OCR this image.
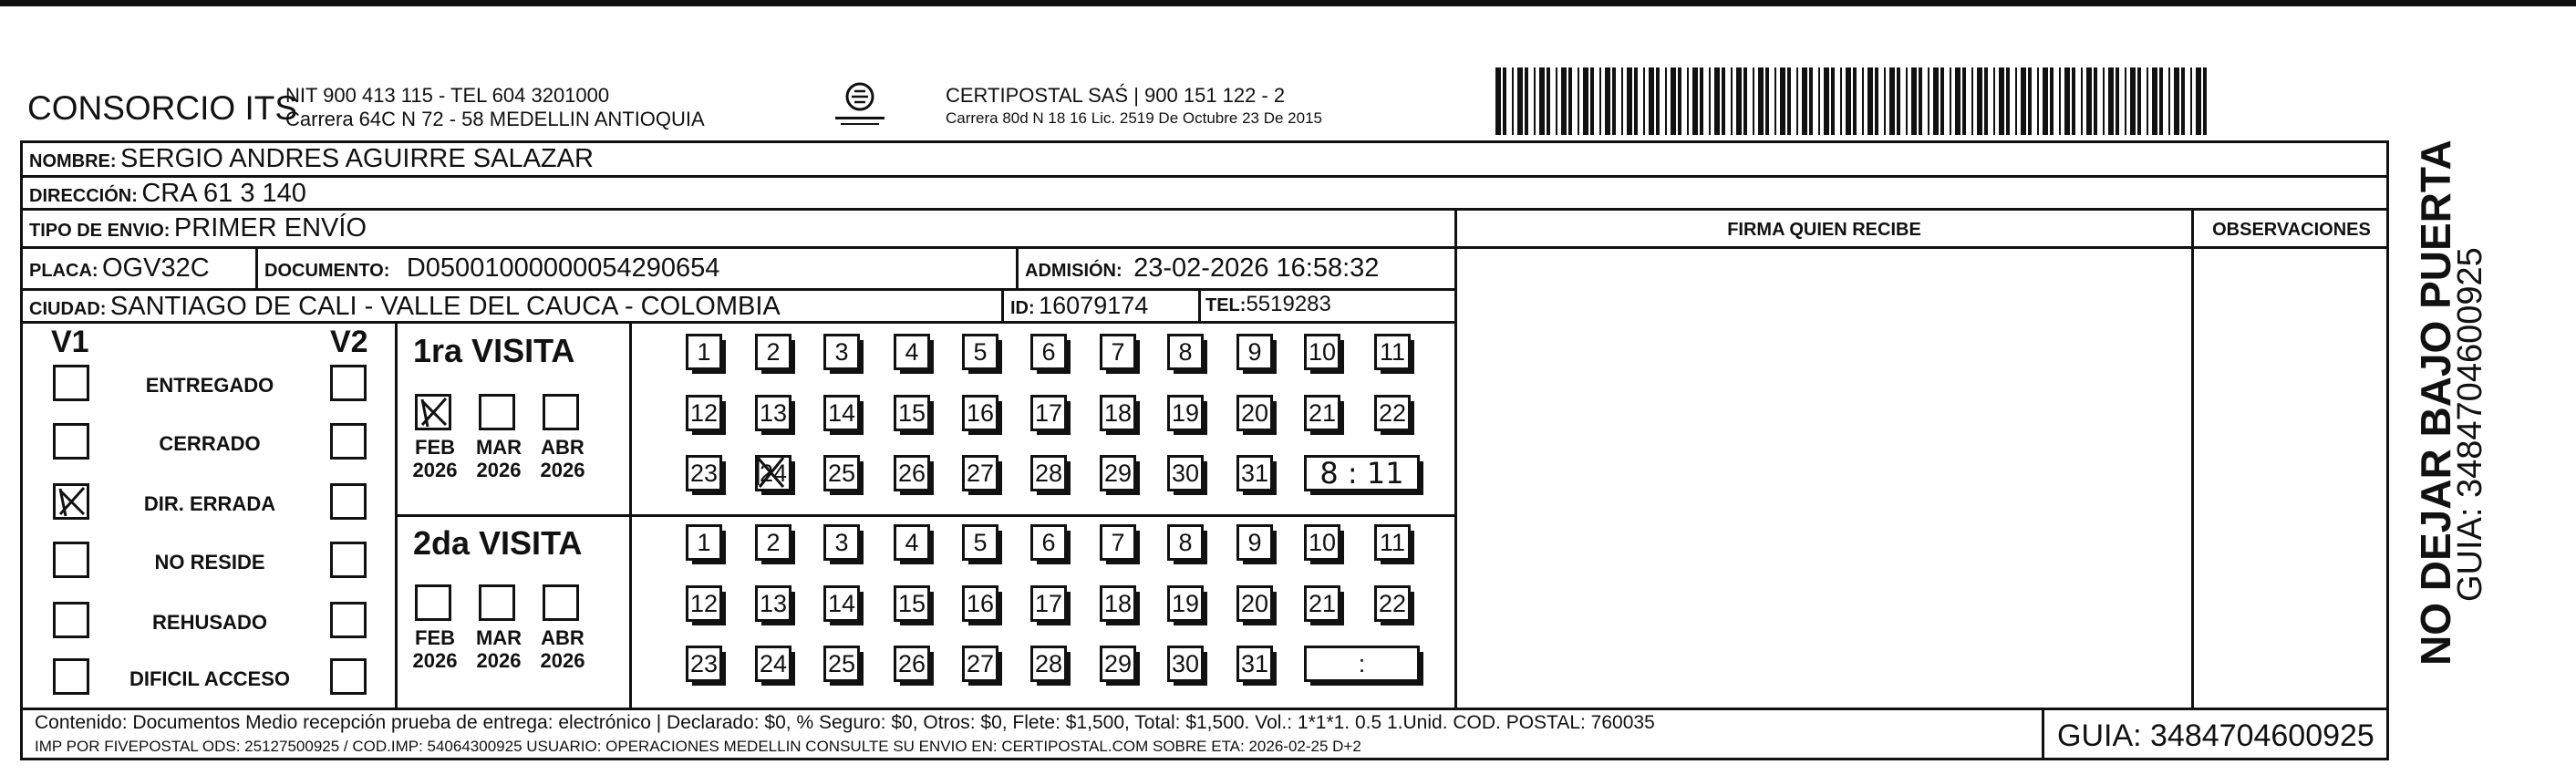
CONSORCIO ITS
NIT 900 413 115 - TEL 604 3201000
Carrera 64C N 72 - 58 MEDELLIN ANTIOQUIA
CERTIPOSTAL SAŚ | 900 151 122 - 2
Carrera 80d N 18 16 Lic. 2519 De Octubre 23 De 2015
NOMBRE: SERGIO ANDRES AGUIRRE SALAZAR
DIRECCIÓN: CRA 61 3 140
TIPO DE ENVIO: PRIMER ENVÍO	FIRMA QUIEN RECIBE	OBSERVACIONES
PLACA: OGV32C	DOCUMENTO: D05001000000054290654	ADMISIÓN: 23-02-2026 16:58:32
CIUDAD: SANTIAGO DE CALI - VALLE DEL CAUCA - COLOMBIA	ID: 16079174	TEL:5519283
V1	V2 1ra VISITA
2da VISITA
Contenido: Documentos Medio recepción prueba de entrega: electrónico | Declarado: $0, % Seguro: $0, Otros: $0, Flete: $1,500, Total: $1,500. Vol.: 1*1*1. 0.5 1.Unid. COD. POSTAL: 760035
IMP POR FIVEPOSTAL ODS: 25127500925 / COD.IMP: 54064300925 USUARIO: OPERACIONES MEDELLIN CONSULTE SU ENVIO EN: CERTIPOSTAL.COM SOBRE ETA: 2026-02-25 D+2	GUIA: 3484704600925
NO DEJAR BAJO PUERTA
GUIA: 3484704600925
ENTREGADO
CERRADO
DIR. ERRADA
NO RESIDE
REHUSADO
DIFICIL ACCESO
FEB
2026
MAR
2026
ABR
2026
1 2 3 4 5 6 7 8 9 10 11
12 13 14 15 16 17 18 19 20 21 22
23 24 25 26 27 28 29 30 31 8 : 11
FEB
2026
MAR
2026
ABR
2026
1 2 3 4 5 6 7 8 9 10 11
12 13 14 15 16 17 18 19 20 21 22
23 24 25 26 27 28 29 30 31	:
